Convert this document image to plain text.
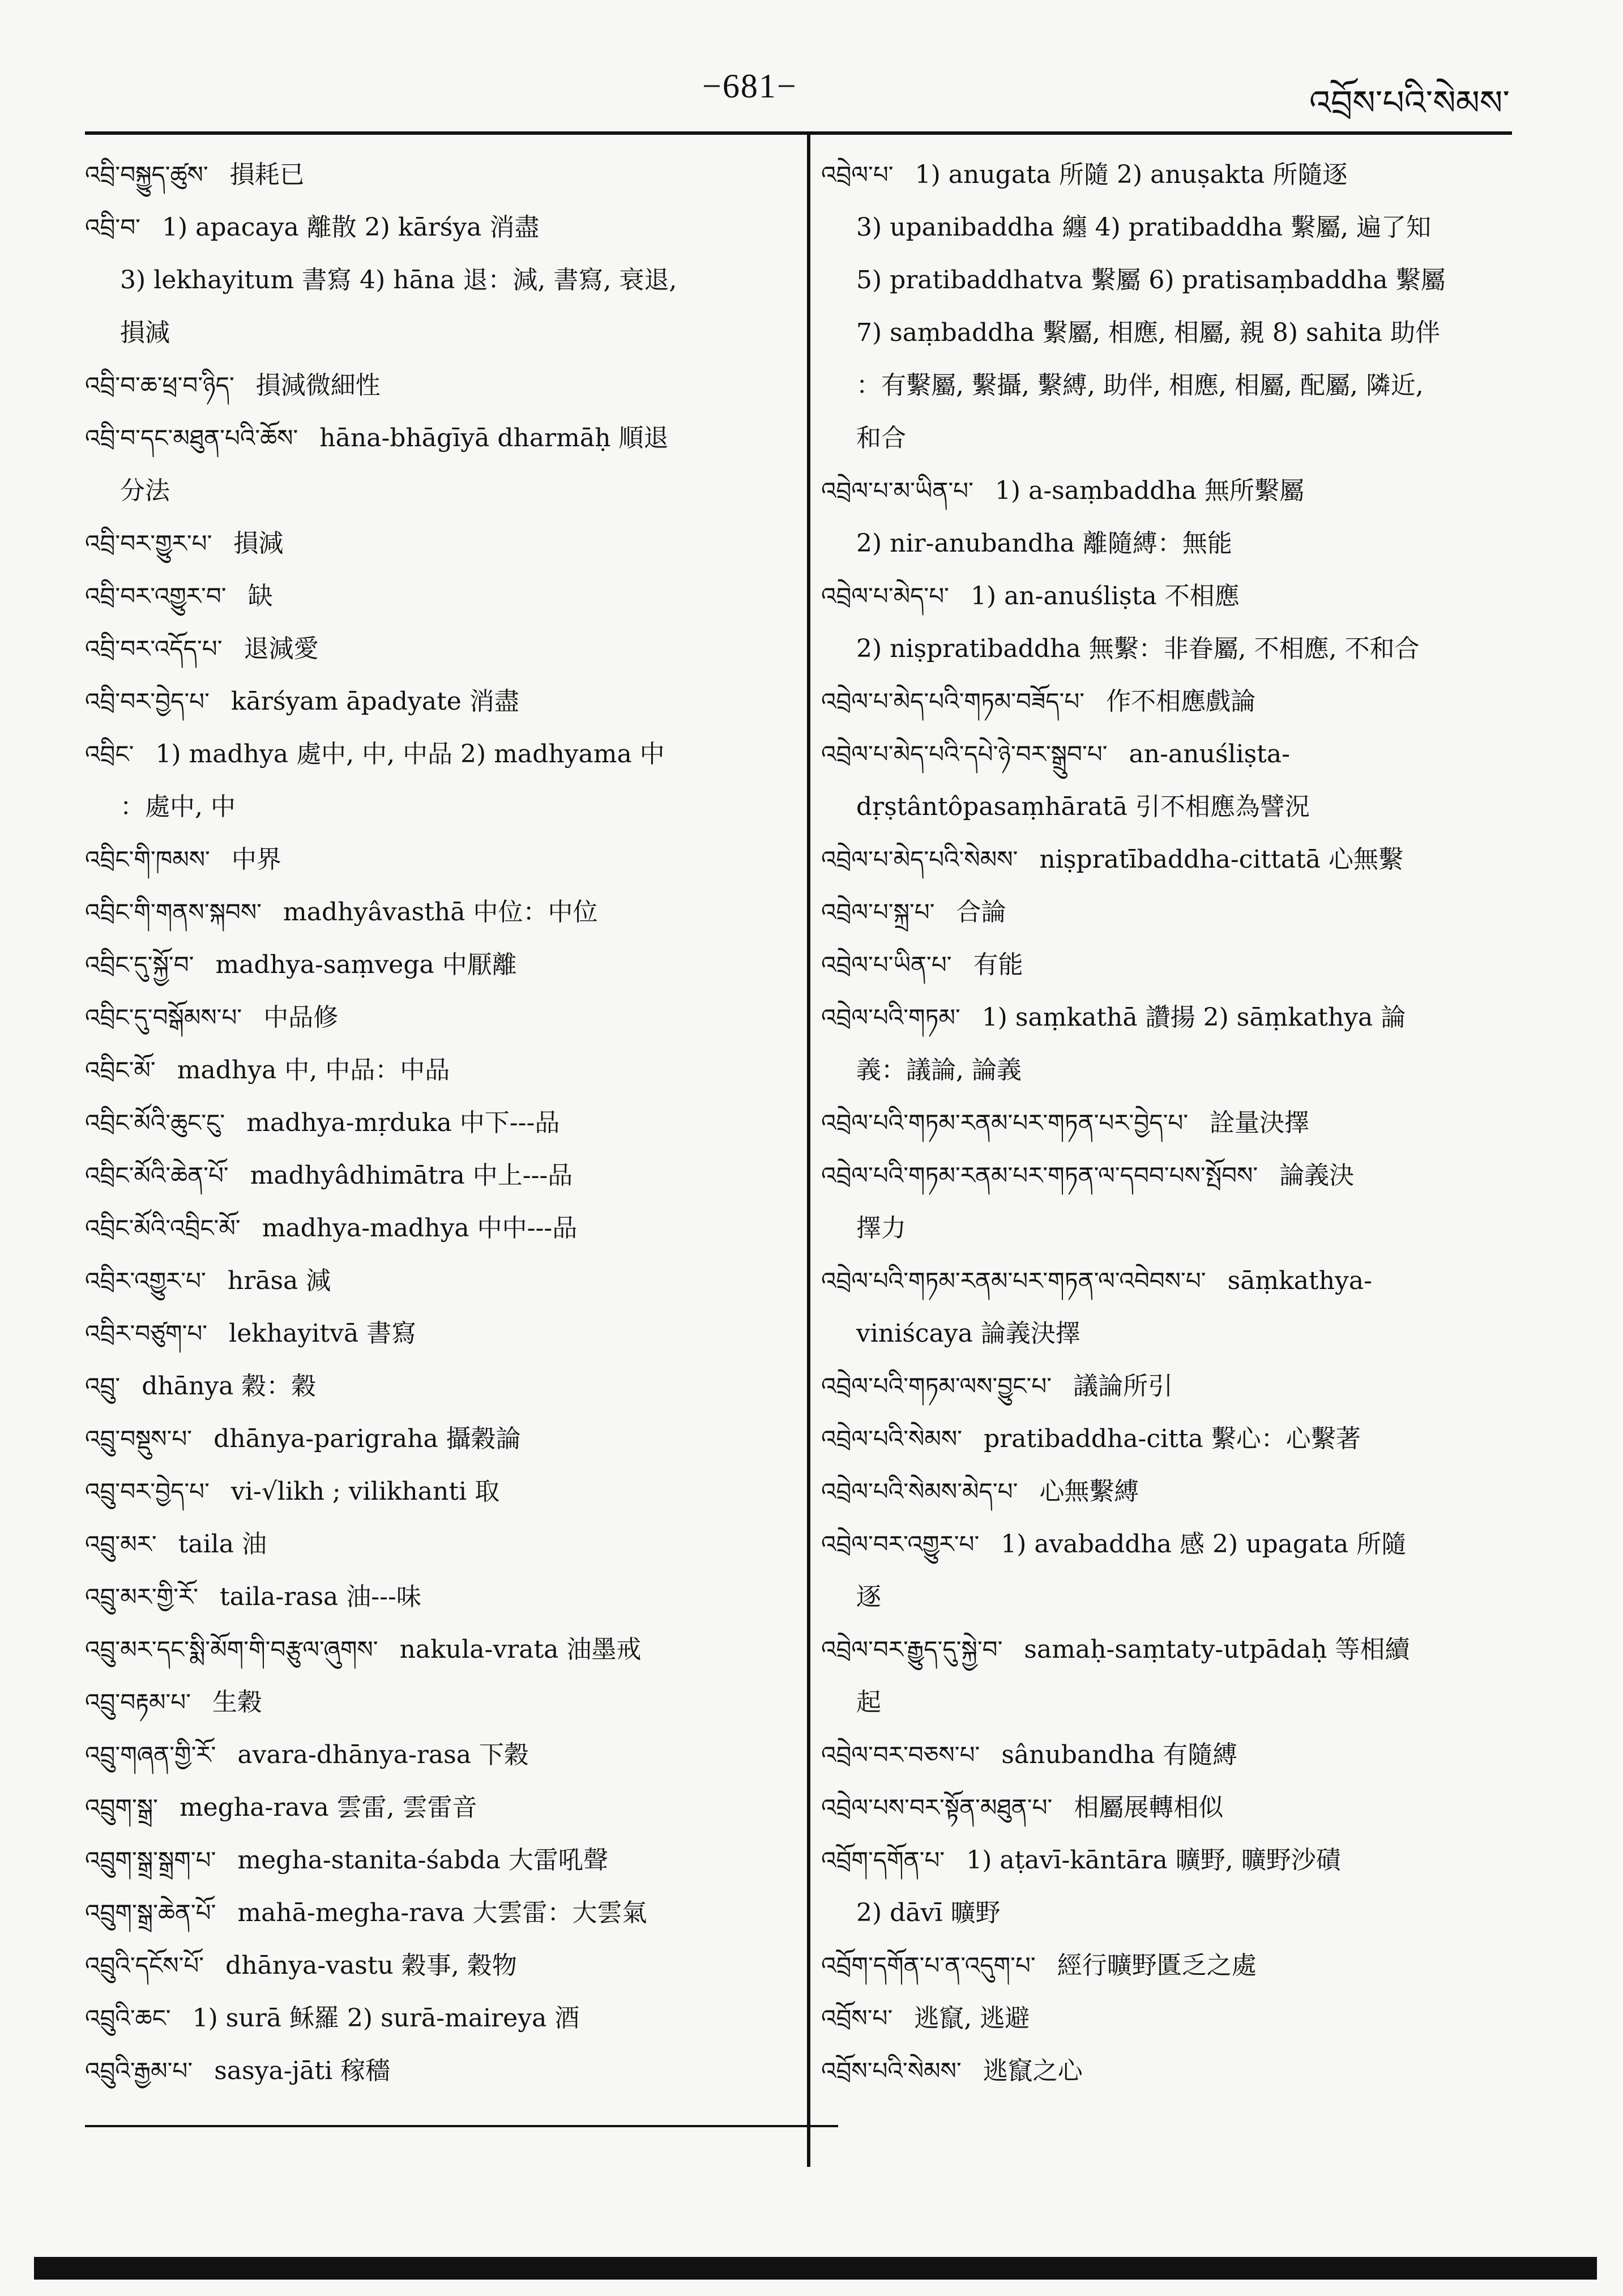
−681−	འབྲོས་པའི་སེམས་

འབྲི་བསྐྱུད་ཚུས་ 損耗已

འབྲི་བ་ 1) apacaya 離散 2) kārśya 消盡
3) lekhayitum 書寫 4) hāna 退：減, 書寫, 衰退,
損減

འབྲི་བ་ཆ་ཕྲ་བ་ཉིད་ 損減微細性

འབྲི་བ་དང་མཐུན་པའི་ཆོས་ hāna-bhāgīyā dharmāḥ 順退
分法

འབྲི་བར་གྱུར་པ་ 損減

འབྲི་བར་འགྱུར་བ་ 缺

འབྲི་བར་འདོད་པ་ 退減愛

འབྲི་བར་བྱེད་པ་ kārśyam āpadyate 消盡

འབྲིང་ 1) madhya 處中, 中, 中品 2) madhyama 中
：處中, 中

འབྲིང་གི་ཁམས་ 中界

འབྲིང་གི་གནས་སྐབས་ madhyâvasthā 中位：中位

འབྲིང་དུ་སྐྱོ་བ་ madhya-saṃvega 中厭離

འབྲིང་དུ་བསྒོམས་པ་ 中品修

འབྲིང་མོ་ madhya 中, 中品：中品

འབྲིང་མོའི་ཆུང་ངུ་ madhya-mṛduka 中下---品

འབྲིང་མོའི་ཆེན་པོ་ madhyâdhimātra 中上---品

འབྲིང་མོའི་འབྲིང་མོ་ madhya-madhya 中中---品

འབྲིར་འགྱུར་པ་ hrāsa 減

འབྲིར་བཙུག་པ་ lekhayitvā 書寫

འབྲུ་ dhānya 穀：穀

འབྲུ་བསྡུས་པ་ dhānya-parigraha 攝穀論

འབྲུ་བར་བྱེད་པ་ vi-√likh ; vilikhanti 取

འབྲུ་མར་ taila 油

འབྲུ་མར་གྱི་རོ་ taila-rasa 油---味

འབྲུ་མར་དང་སྨི་མོག་གི་བརྩུལ་ཞུགས་ nakula-vrata 油墨戒

འབྲུ་བརྟམ་པ་ 生穀

འབྲུ་གཞན་གྱི་རོ་ avara-dhānya-rasa 下穀

འབྲུག་སྒྲ་ megha-rava 雲雷, 雲雷音

འབྲུག་སྒྲ་སྒྲག་པ་ megha-stanita-śabda 大雷吼聲

འབྲུག་སྒྲ་ཆེན་པོ་ mahā-megha-rava 大雲雷：大雲氣

འབྲུའི་དངོས་པོ་ dhānya-vastu 穀事, 穀物

འབྲུའི་ཆང་ 1) surā 稣羅 2) surā-maireya 酒

འབྲུའི་རྒྱམ་པ་ sasya-jāti 稼穡

འབྲེལ་པ་ 1) anugata 所隨 2) anuṣakta 所隨逐
3) upanibaddha 纏 4) pratibaddha 繫屬, 遍了知
5) pratibaddhatva 繫屬 6) pratisaṃbaddha 繫屬
7) saṃbaddha 繫屬, 相應, 相屬, 親 8) sahita 助伴
：有繫屬, 繫攝, 繫縛, 助伴, 相應, 相屬, 配屬, 隣近,
和合

འབྲེལ་པ་མ་ཡིན་པ་ 1) a-saṃbaddha 無所繫屬
2) nir-anubandha 離隨縛：無能

འབྲེལ་པ་མེད་པ་ 1) an-anuśliṣta 不相應
2) niṣpratibaddha 無繫：非眷屬, 不相應, 不和合

འབྲེལ་པ་མེད་པའི་གཏམ་བཟོད་པ་ 作不相應戲論

འབྲེལ་པ་མེད་པའི་དཔེ་ཉེ་བར་སྒྲུབ་པ་ an-anuśliṣta-
dṛṣtântôpasaṃhāratā 引不相應為譬況

འབྲེལ་པ་མེད་པའི་སེམས་ niṣpratībaddha-cittatā 心無繫

འབྲེལ་པ་སྐྲ་པ་ 合論

འབྲེལ་པ་ཡིན་པ་ 有能

འབྲེལ་པའི་གཏམ་ 1) saṃkathā 讚揚 2) sāṃkathya 論
義：議論, 論義

འབྲེལ་པའི་གཏམ་རནམ་པར་གཏན་པར་བྱེད་པ་ 詮量決擇

འབྲེལ་པའི་གཏམ་རནམ་པར་གཏན་ལ་དབབ་པས་སྤོབས་ 論義決
擇力

འབྲེལ་པའི་གཏམ་རནམ་པར་གཏན་ལ་འབེབས་པ་ sāṃkathya-
viniścaya 論義決擇

འབྲེལ་པའི་གཏམ་ལས་བྱུང་པ་ 議論所引

འབྲེལ་པའི་སེམས་ pratibaddha-citta 繫心：心繫著

འབྲེལ་པའི་སེམས་མེད་པ་ 心無繫縛

འབྲེལ་བར་འགྱུར་པ་ 1) avabaddha 感 2) upagata 所隨
逐

འབྲེལ་བར་རྒྱུད་དུ་སྐྱེ་བ་ samaḥ-saṃtaty-utpādaḥ 等相續
起

འབྲེལ་བར་བཅས་པ་ sânubandha 有隨縛

འབྲེལ་པས་བར་སྟོན་མཐུན་པ་ 相屬展轉相似

འབྲོག་དགོན་པ་ 1) aṭavī-kāntāra 曠野, 曠野沙磧
2) dāvī 曠野

འབྲོག་དགོན་པ་ན་འདུག་པ་ 經行曠野匱乏之處

འབྲོས་པ་ 逃竄, 逃避

འབྲོས་པའི་སེམས་ 逃竄之心
